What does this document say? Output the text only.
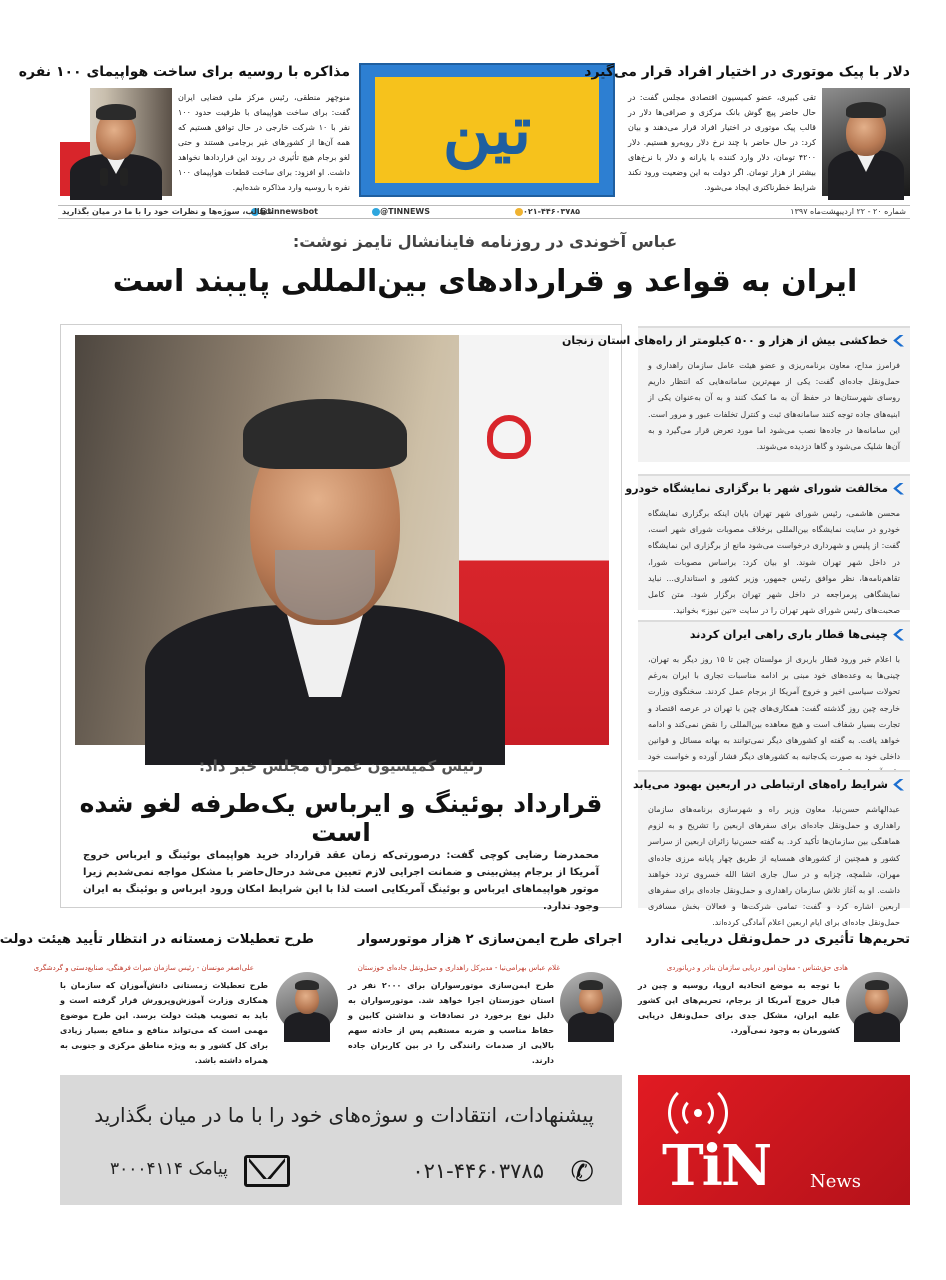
تین
دلار با پیک موتوری در اختیار افراد قرار می‌گیرد
تقی کبیری، عضو کمیسیون اقتصادی مجلس گفت: در حال حاضر پیچ گوش بانک مرکزی و صرافی‌ها دلار در قالب پیک موتوری در اختیار افراد قرار می‌دهند و بیان کرد: در حال حاضر با چند نرخ دلار روبه‌رو هستیم. دلار ۴۲۰۰ تومان، دلار وارد کننده با یارانه و دلار با نرخ‌های بیشتر از هزار تومان. اگر دولت به این وضعیت ورود نکند شرایط خطرناکتری ایجاد می‌شود.
مذاکره با روسیه برای ساخت هواپیمای ۱۰۰ نفره
منوچهر منطقی، رئیس مرکز ملی فضایی ایران گفت: برای ساخت هواپیمای با ظرفیت حدود ۱۰۰ نفر با ۱۰ شرکت خارجی در حال توافق هستیم که همه آن‌ها از کشورهای غیر برجامی هستند و حتی لغو برجام هیچ تأثیری در روند این قراردادها نخواهد داشت. او افزود: برای ساخت قطعات هواپیمای ۱۰۰ نفره با روسیه وارد مذاکره شده‌ایم.
شماره ۲۰ - ۲۲ اردیبهشت‌ماه ۱۳۹۷
۰۲۱-۴۴۶۰۳۷۸۵
@TINNEWS
@tinnewsbot
مطالب، سوژه‌ها و نظرات خود را با ما در میان بگذارید
عباس آخوندی در روزنامه فاینانشال تایمز نوشت:
ایران به قواعد و قراردادهای بین‌المللی پایبند است
رئیس کمیسیون عمران مجلس خبر داد:
قرارداد بوئینگ و ایرباس یک‌طرفه لغو شده است
محمدرضا رضایی کوچی گفت: درصورتی‌که زمان عقد قرارداد خرید هواپیمای بوئینگ و ایرباس خروج آمریکا از برجام پیش‌بینی و ضمانت اجرایی لازم تعیین می‌شد درحال‌حاضر با مشکل مواجه نمی‌شدیم زیرا موتور هواپیماهای ایرباس و بوئینگ آمریکایی است لذا با این شرایط امکان ورود ایرباس و بوئینگ به ایران وجود ندارد.
خط‌کشی بیش از هزار و ۵۰۰ کیلومتر از راه‌های استان زنجان
فرامرز مداح، معاون برنامه‌ریزی و عضو هیئت عامل سازمان راهداری و حمل‌ونقل جاده‌ای گفت: یکی از مهم‌ترین سامانه‌هایی که انتظار داریم روسای شهرستان‌ها در حفظ آن به ما کمک کنند و به آن به‌عنوان یکی از ابنیه‌های جاده توجه کنند سامانه‌های ثبت و کنترل تخلفات عبور و مرور است. این سامانه‌ها در جاده‌ها نصب می‌شود اما مورد تعرض قرار می‌گیرد و به آن‌ها شلیک می‌شود و گاها دزدیده می‌شوند.
مخالفت شورای شهر با برگزاری نمایشگاه خودرو
محسن هاشمی، رئیس شورای شهر تهران بایان اینکه برگزاری نمایشگاه خودرو در سایت نمایشگاه بین‌المللی برخلاف مصوبات شورای شهر است، گفت: از پلیس و شهرداری درخواست می‌شود مانع از برگزاری این نمایشگاه در داخل شهر تهران شوند. او بیان کرد: براساس مصوبات شورا، تقاهم‌نامه‌ها، نظر موافق رئیس جمهور، وزیر کشور و استانداری... نباید نمایشگاهی پرمراجعه در داخل شهر تهران برگزار شود. متن کامل صحبت‌های رئیس شورای شهر تهران را در سایت «تین نیوز» بخوانید.
چینی‌ها قطار باری راهی ایران کردند
با اعلام خبر ورود قطار باربری از مولستان چین تا ۱۵ روز دیگر به تهران، چینی‌ها به وعده‌های خود مبنی بر ادامه مناسبات تجاری با ایران به‌رغم تحولات سیاسی اخیر و خروج آمریکا از برجام عمل کردند. سخنگوی وزارت خارجه چین روز گذشته گفت: همکاری‌های چین با تهران در عرصه اقتصاد و تجارت بسیار شفاف است و هیچ معاهده بین‌المللی را نقض نمی‌کند و ادامه خواهد یافت. به گفته او کشورهای دیگر نمی‌توانند به بهانه مسائل و قوانین داخلی خود به صورت یک‌جانبه به کشورهای دیگر فشار آورده و خواست خود
شرایط راه‌های ارتباطی در اربعین بهبود می‌یابد
عبدالهاشم حسن‌نیا، معاون وزیر راه و شهرسازی برنامه‌های سازمان راهداری و حمل‌ونقل جاده‌ای برای سفرهای اربعین را تشریح و به لزوم هماهنگی بین سازمان‌ها تأکید کرد. به گفته حسن‌نیا زائران اربعین از سراسر کشور و همچنین از کشورهای همسایه از طریق چهار پایانه مرزی جاده‌ای مهران، شلمچه، چزابه و در سال جاری اتشا الله خسروی تردد خواهند داشت. او به آغاز تلاش سازمان راهداری و حمل‌ونقل جاده‌ای برای سفرهای اربعین اشاره کرد و گفت: تمامی شرکت‌ها و فعالان بخش مسافری حمل‌ونقل جاده‌ای برای ایام اربعین اعلام آمادگی کرده‌اند.
تحریم‌ها تأثیری در حمل‌ونقل دریایی ندارد
هادی حق‌شناس - معاون امور دریایی سازمان بنادر و دریانوردی
با توجه به موضع اتحادیه اروپا، روسیه و چین در قبال خروج آمریکا از برجام، تحریم‌های این کشور علیه ایران، مشکل جدی برای حمل‌ونقل دریایی کشورمان به وجود نمی‌آورد.
اجرای طرح ایمن‌سازی ۲ هزار موتورسوار
غلام عباس بهرامی‌نیا - مدیرکل راهداری و حمل‌ونقل جاده‌ای خوزستان
طرح ایمن‌سازی موتورسواران برای ۲۰۰۰ نفر در استان خوزستان اجرا خواهد شد. موتورسواران به دلیل نوع برخورد در تصادفات و نداشتن کابین و حفاظ مناسب و ضربه مستقیم پس از حادثه سهم بالایی از صدمات رانندگی را در بین کاربران جاده دارند.
طرح تعطیلات زمستانه در انتظار تأیید هیئت دولت
علی‌اصغر مونسان - رئیس سازمان میراث فرهنگی، صنایع‌دستی و گردشگری
طرح تعطیلات زمستانی دانش‌آموزان که سازمان با همکاری وزارت آموزش‌وپرورش قرار گرفته است و باید به تصویب هیئت دولت برسد. این طرح موضوع مهمی است که می‌تواند منافع و منافع بسیار زیادی برای کل کشور و به ویژه مناطق مرکزی و جنوبی به همراه داشته باشد.
پیشنهادات، انتقادات و سوژه‌های خود را با ما در میان بگذارید
✆
۰۲۱-۴۴۶۰۳۷۸۵
پیامک ۳۰۰۰۴۱۱۴	TiN News
